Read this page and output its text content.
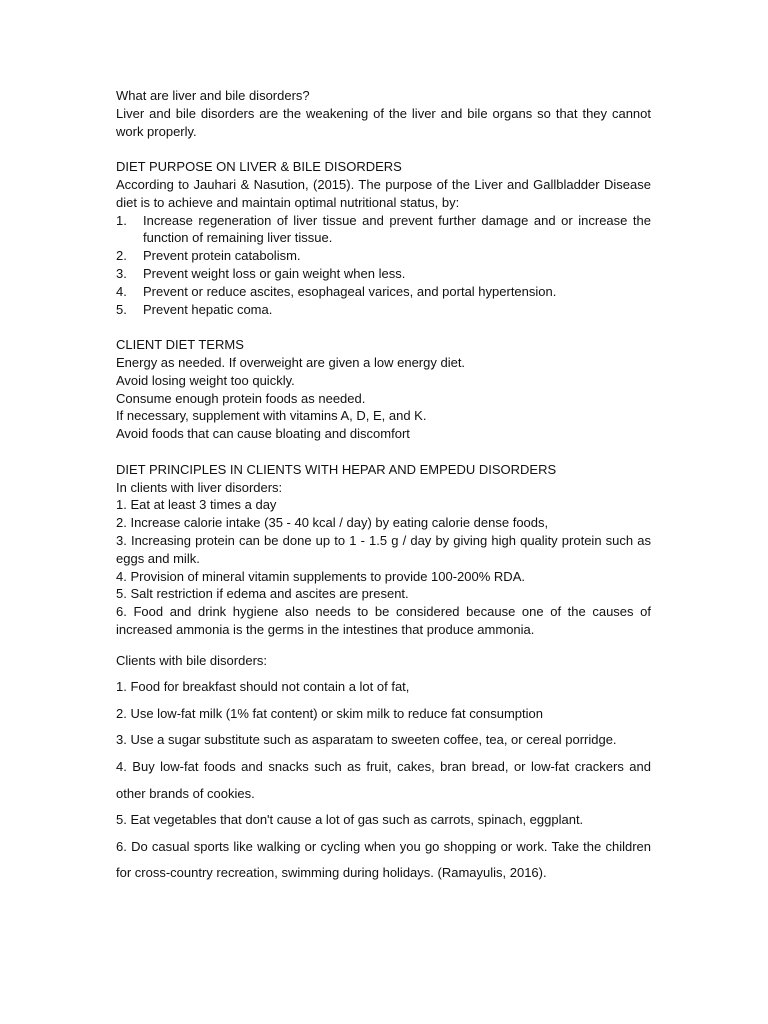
What are liver and bile disorders?

Liver and bile disorders are the weakening of the liver and bile organs so that they cannot work properly.

DIET PURPOSE ON LIVER & BILE DISORDERS

According to Jauhari & Nasution, (2015). The purpose of the Liver and Gallbladder Disease diet is to achieve and maintain optimal nutritional status, by:

1.	Increase regeneration of liver tissue and prevent further damage and or increase the function of remaining liver tissue.
2.	Prevent protein catabolism.
3.	Prevent weight loss or gain weight when less.
4.	Prevent or reduce ascites, esophageal varices, and portal hypertension.
5.	Prevent hepatic coma.

CLIENT DIET TERMS

Energy as needed. If overweight are given a low energy diet.

Avoid losing weight too quickly.

Consume enough protein foods as needed.

If necessary, supplement with vitamins A, D, E, and K.

Avoid foods that can cause bloating and discomfort

DIET PRINCIPLES IN CLIENTS WITH HEPAR AND EMPEDU DISORDERS

In clients with liver disorders:

1. Eat at least 3 times a day

2. Increase calorie intake (35 - 40 kcal / day) by eating calorie dense foods,

3. Increasing protein can be done up to 1 - 1.5 g / day by giving high quality protein such as eggs and milk.

4. Provision of mineral vitamin supplements to provide 100-200% RDA.

5. Salt restriction if edema and ascites are present.

6. Food and drink hygiene also needs to be considered because one of the causes of increased ammonia is the germs in the intestines that produce ammonia.

Clients with bile disorders:

1. Food for breakfast should not contain a lot of fat,

2. Use low-fat milk (1% fat content) or skim milk to reduce fat consumption

3. Use a sugar substitute such as asparatam to sweeten coffee, tea, or cereal porridge.

4. Buy low-fat foods and snacks such as fruit, cakes, bran bread, or low-fat crackers and other brands of cookies.

5. Eat vegetables that don't cause a lot of gas such as carrots, spinach, eggplant.

6. Do casual sports like walking or cycling when you go shopping or work. Take the children for cross-country recreation, swimming during holidays. (Ramayulis, 2016).
